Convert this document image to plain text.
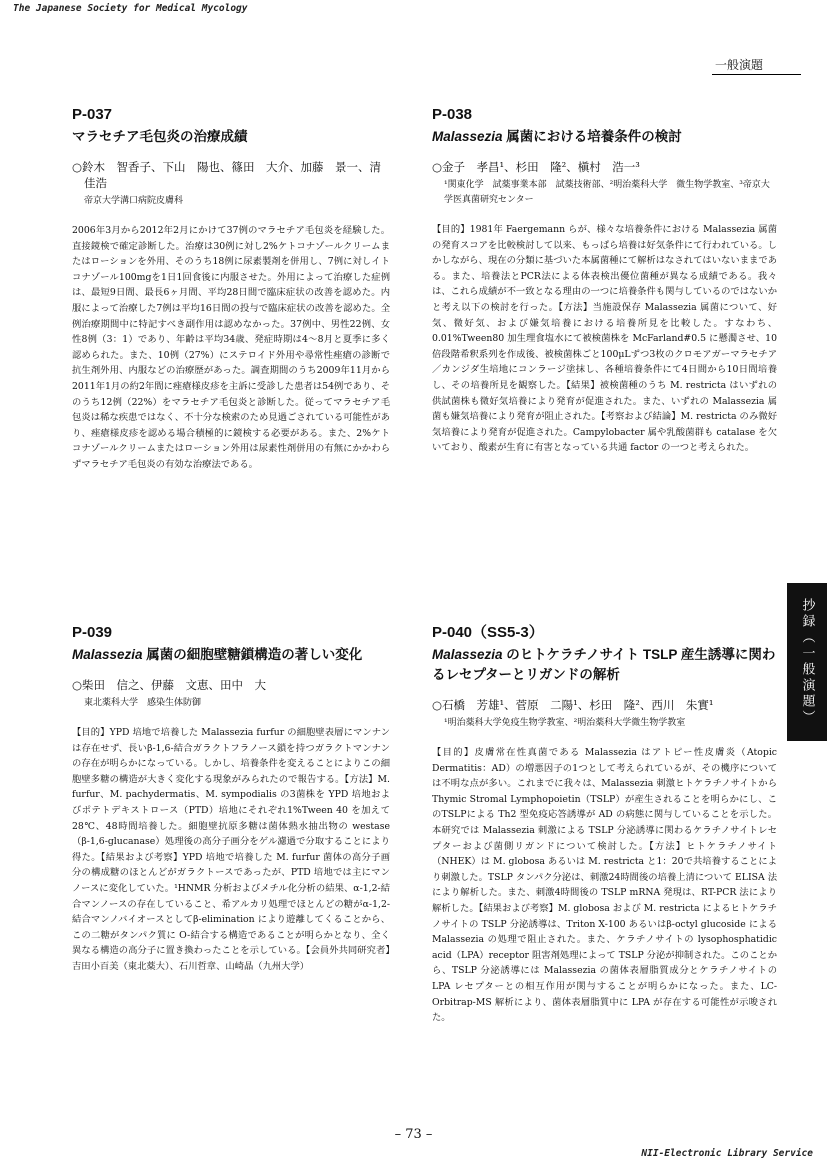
The Japanese Society for Medical Mycology
一般演題

P-037

マラセチア毛包炎の治療成績

○鈴木　智香子、下山　陽也、篠田　大介、加藤　景一、清　佳浩

帝京大学溝口病院皮膚科

2006年3月から2012年2月にかけて37例のマラセチア毛包炎を経験した。直接鏡検で確定診断した。治療は30例に対し2%ケトコナゾールクリームまたはローションを外用、そのうち18例に尿素製剤を併用し、7例に対しイトコナゾール100mgを1日1回食後に内服させた。外用によって治療した症例は、最短9日間、最長6ヶ月間、平均28日間で臨床症状の改善を認めた。内服によって治療した7例は平均16日間の投与で臨床症状の改善を認めた。全例治療期間中に特記すべき副作用は認めなかった。37例中、男性22例、女性8例（3：1）であり、年齢は平均34歳、発症時期は4～8月と夏季に多く認められた。また、10例（27%）にステロイド外用や尋常性痤瘡の診断で抗生剤外用、内服などの治療歴があった。調査期間のうち2009年11月から2011年1月の約2年間に痤瘡様皮疹を主訴に受診した患者は54例であり、そのうち12例（22%）をマラセチア毛包炎と診断した。従ってマラセチア毛包炎は稀な疾患ではなく、不十分な検索のため見過ごされている可能性があり、痤瘡様皮疹を認める場合積極的に鏡検する必要がある。また、2%ケトコナゾールクリームまたはローション外用は尿素性剤併用の有無にかかわらずマラセチア毛包炎の有効な治療法である。

P-038

Malassezia 属菌における培養条件の検討

○金子　孝昌¹、杉田　隆²、槇村　浩一³

¹関東化学　試薬事業本部　試薬技術部、²明治薬科大学　微生物学教室、³帝京大学医真菌研究センター

【目的】1981年 Faergemann らが、様々な培養条件における Malassezia 属菌の発育スコアを比較検討して以来、もっぱら培養は好気条件にて行われている。しかしながら、現在の分類に基づいた本属菌種にて解析はなされてはいないままである。また、培養法とPCR法による体表検出優位菌種が異なる成績である。我々は、これら成績が不一致となる理由の一つに培養条件も関与しているのではないかと考え以下の検討を行った。【方法】当施設保存 Malassezia 属菌について、好気、微好気、および嫌気培養における培養所見を比較した。すなわち、0.01%Tween80 加生理食塩水にて被検菌株を McFarland#0.5 に懸濁させ、10倍段階希釈系列を作成後、被検菌株ごと100μLずつ3枚のクロモアガーマラセチア／カンジダ生培地にコンラージ塗抹し、各種培養条件にて4日間から10日間培養し、その培養所見を観察した。【結果】被検菌種のうち M. restricta はいずれの供試菌株も微好気培養により発育が促進された。また、いずれの Malassezia 属菌も嫌気培養により発育が阻止された。【考察および結論】M. restricta のみ微好気培養により発育が促進された。Campylobacter 属や乳酸菌群も catalase を欠いており、酸素が生育に有害となっている共通 factor の一つと考えられた。

P-039

Malassezia 属菌の細胞壁糖鎖構造の著しい変化

○柴田　信之、伊藤　文恵、田中　大

東北薬科大学　感染生体防御

【目的】YPD 培地で培養した Malassezia furfur の細胞壁表層にマンナンは存在せず、長いβ-1,6-結合ガラクトフラノース鎖を持つガラクトマンナンの存在が明らかになっている。しかし、培養条件を変えることによりこの細胞壁多糖の構造が大きく変化する現象がみられたので報告する。【方法】M. furfur、M. pachydermatis、M. sympodialis の3菌株を YPD 培地およびポテトデキストロース（PTD）培地にそれぞれ1%Tween 40 を加えて28℃、48時間培養した。細胞壁抗原多糖は菌体熱水抽出物の westase（β-1,6-glucanase）処理後の高分子画分をゲル濾過で分取することにより得た。【結果および考察】YPD 培地で培養した M. furfur 菌体の高分子画分の構成糖のほとんどがガラクトースであったが、PTD 培地では主にマンノースに変化していた。¹HNMR 分析およびメチル化分析の結果、α-1,2-結合マンノースの存在していること、希アルカリ処理でほとんどの糖がα-1,2-結合マンノバイオースとしてβ-elimination により遊離してくることから、この二糖がタンパク質に O-結合する構造であることが明らかとなり、全く異なる構造の高分子に置き換わったことを示している。【会員外共同研究者】吉田小百美（東北薬大）、石川哲章、山崎晶（九州大学）

P-040（SS5-3）

Malassezia のヒトケラチノサイト TSLP 産生誘導に関わるレセプターとリガンドの解析

○石橋　芳雄¹、菅原　二陽¹、杉田　隆²、西川　朱實¹

¹明治薬科大学免疫生物学教室、²明治薬科大学微生物学教室

【目的】皮膚常在性真菌である Malassezia はアトピー性皮膚炎（Atopic Dermatitis：AD）の増悪因子の1つとして考えられているが、その機序については不明な点が多い。これまでに我々は、Malassezia 刺激ヒトケラチノサイトから Thymic Stromal Lymphopoietin（TSLP）が産生されることを明らかにし、このTSLPによる Th2 型免疫応答誘導が AD の病態に関与していることを示した。本研究では Malassezia 刺激による TSLP 分泌誘導に関わるケラチノサイトレセプターおよび菌側リガンドについて検討した。【方法】ヒトケラチノサイト（NHEK）は M. globosa あるいは M. restricta と1：20で共培養することにより刺激した。TSLP タンパク分泌は、刺激24時間後の培養上清について ELISA 法により解析した。また、刺激4時間後の TSLP mRNA 発現は、RT-PCR 法により解析した。【結果および考察】M. globosa および M. restricta によるヒトケラチノサイトの TSLP 分泌誘導は、Triton X-100 あるいはβ-octyl glucoside による Malassezia の処理で阻止された。また、ケラチノサイトの lysophosphatidic acid（LPA）receptor 阻害剤処理によって TSLP 分泌が抑制された。このことから、TSLP 分泌誘導には Malassezia の菌体表層脂質成分とケラチノサイトの LPA レセプターとの相互作用が関与することが明らかになった。また、LC-Orbitrap-MS 解析により、菌体表層脂質中に LPA が存在する可能性が示唆された。

抄録（一般演題）
– 73 –
NII-Electronic Library Service
